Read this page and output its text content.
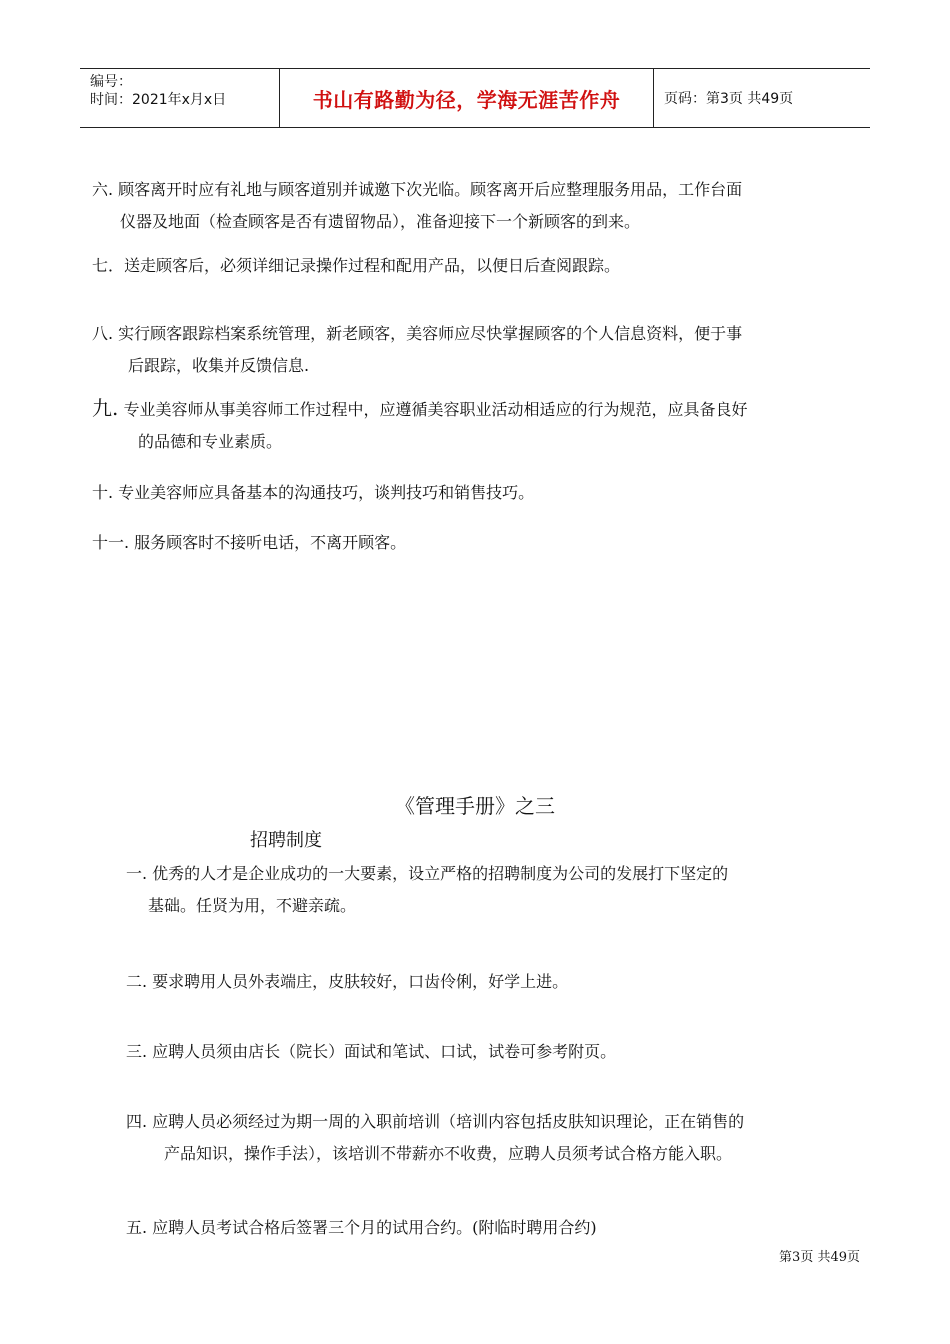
编号：
时间：2021年x月x日	书山有路勤为径，学海无涯苦作舟	页码：第3页 共49页

六. 顾客离开时应有礼地与顾客道别并诚邀下次光临。顾客离开后应整理服务用品，工作台面
仪器及地面（检查顾客是否有遗留物品），准备迎接下一个新顾客的到来。

七．送走顾客后，必须详细记录操作过程和配用产品，以便日后查阅跟踪。

八. 实行顾客跟踪档案系统管理，新老顾客，美容师应尽快掌握顾客的个人信息资料，便于事
后跟踪，收集并反馈信息.

九. 专业美容师从事美容师工作过程中，应遵循美容职业活动相适应的行为规范，应具备良好
的品德和专业素质。

十. 专业美容师应具备基本的沟通技巧，谈判技巧和销售技巧。

十一. 服务顾客时不接听电话，不离开顾客。

《管理手册》之三
招聘制度

一. 优秀的人才是企业成功的一大要素，设立严格的招聘制度为公司的发展打下坚定的
基础。任贤为用，不避亲疏。

二. 要求聘用人员外表端庄，皮肤较好，口齿伶俐，好学上进。

三. 应聘人员须由店长（院长）面试和笔试、口试，试卷可参考附页。

四. 应聘人员必须经过为期一周的入职前培训（培训内容包括皮肤知识理论，正在销售的
产品知识，操作手法），该培训不带薪亦不收费，应聘人员须考试合格方能入职。

五. 应聘人员考试合格后签署三个月的试用合约。(附临时聘用合约)

第3页 共49页
